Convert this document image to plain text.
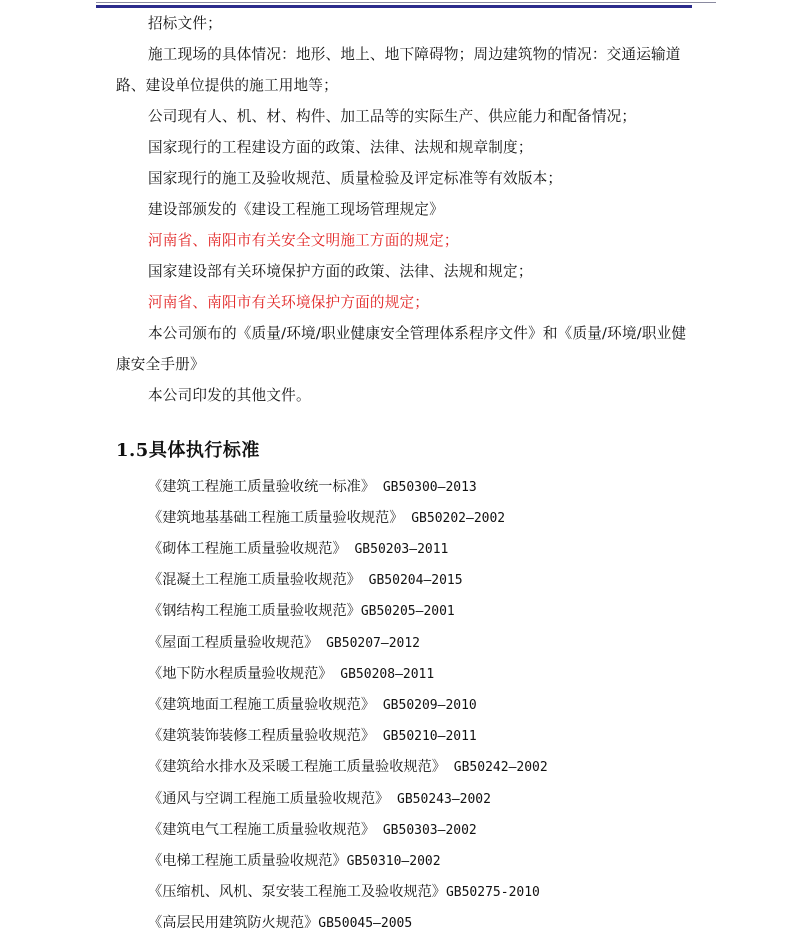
招标文件；
施工现场的具体情况：地形、地上、地下障碍物；周边建筑物的情况：交通运输道路、建设单位提供的施工用地等；
公司现有人、机、材、构件、加工品等的实际生产、供应能力和配备情况；
国家现行的工程建设方面的政策、法律、法规和规章制度；
国家现行的施工及验收规范、质量检验及评定标准等有效版本；
建设部颁发的《建设工程施工现场管理规定》
河南省、南阳市有关安全文明施工方面的规定；
国家建设部有关环境保护方面的政策、法律、法规和规定；
河南省、南阳市有关环境保护方面的规定；
本公司颁布的《质量/环境/职业健康安全管理体系程序文件》和《质量/环境/职业健康安全手册》
本公司印发的其他文件。
1.5具体执行标准
《建筑工程施工质量验收统一标准》 GB50300—2013
《建筑地基基础工程施工质量验收规范》 GB50202—2002
《砌体工程施工质量验收规范》 GB50203—2011
《混凝土工程施工质量验收规范》 GB50204—2015
《钢结构工程施工质量验收规范》GB50205—2001
《屋面工程质量验收规范》 GB50207—2012
《地下防水程质量验收规范》 GB50208—2011
《建筑地面工程施工质量验收规范》 GB50209—2010
《建筑装饰装修工程质量验收规范》 GB50210—2011
《建筑给水排水及采暖工程施工质量验收规范》 GB50242—2002
《通风与空调工程施工质量验收规范》 GB50243—2002
《建筑电气工程施工质量验收规范》 GB50303—2002
《电梯工程施工质量验收规范》GB50310—2002
《压缩机、风机、泵安装工程施工及验收规范》GB50275-2010
《高层民用建筑防火规范》GB50045—2005
